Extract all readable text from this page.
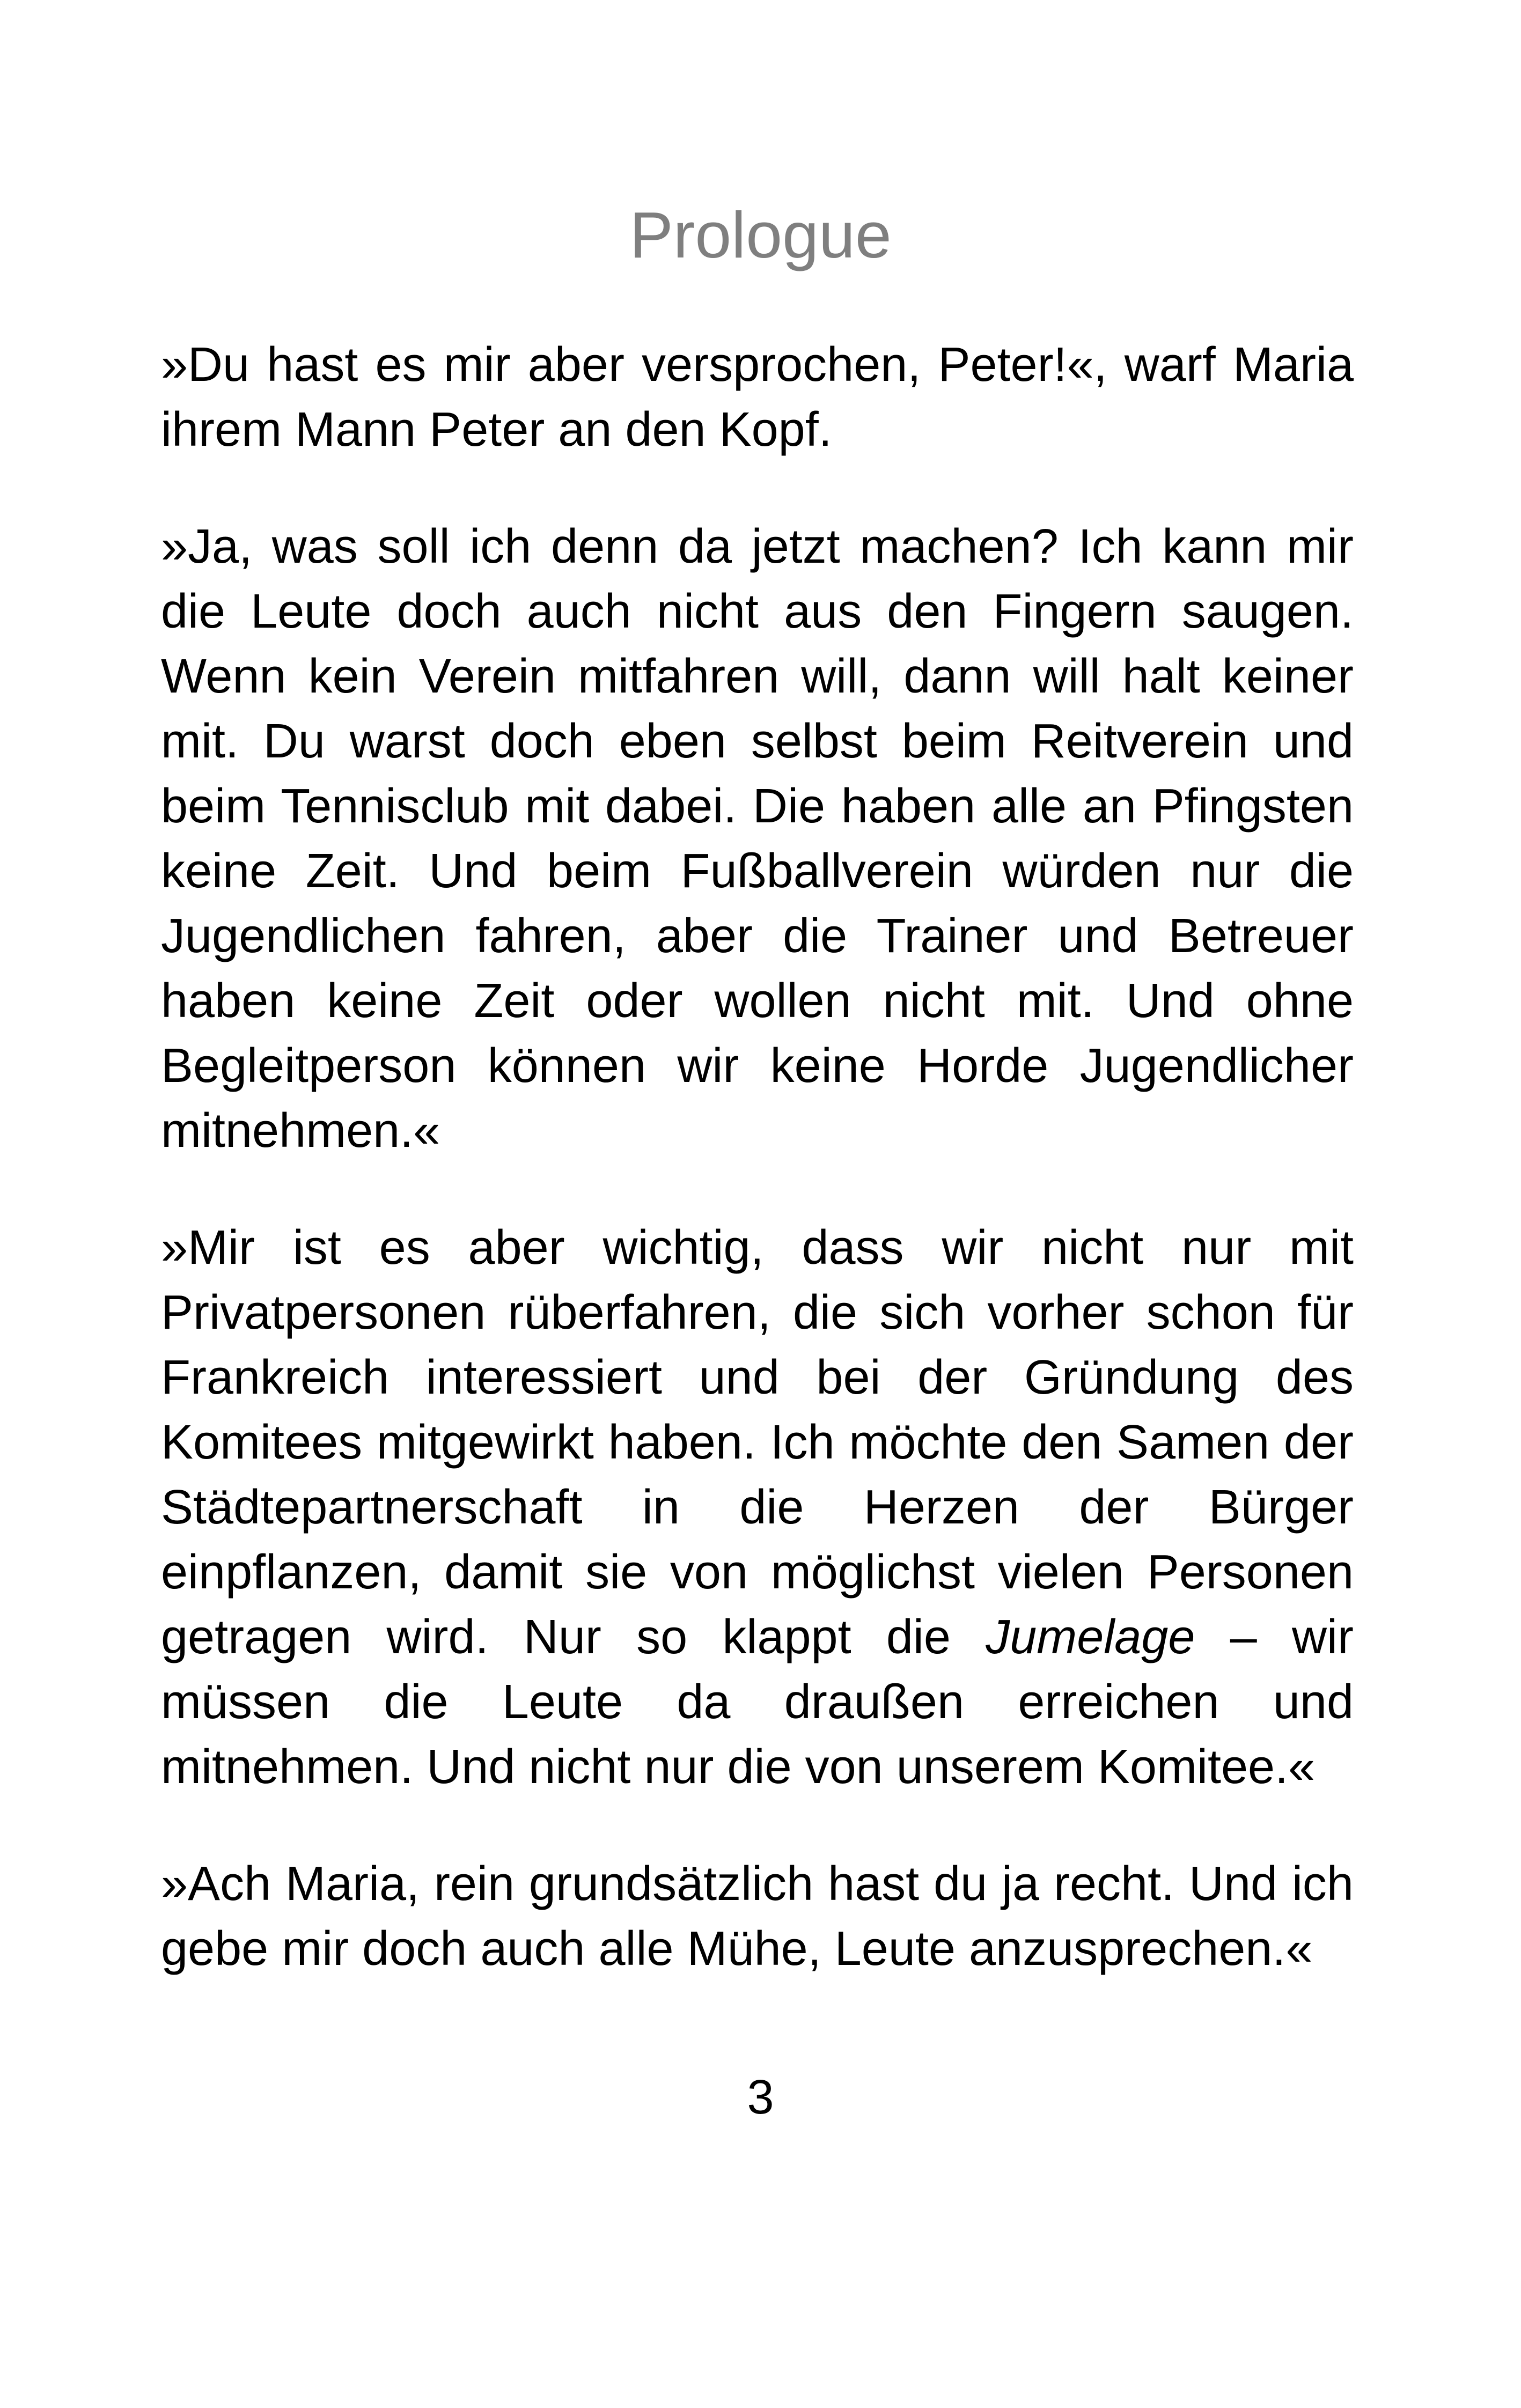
Prologue

»Du hast es mir aber versprochen, Peter!«, warf Maria ihrem Mann Peter an den Kopf.

»Ja, was soll ich denn da jetzt machen? Ich kann mir die Leute doch auch nicht aus den Fingern saugen. Wenn kein Verein mitfahren will, dann will halt keiner mit. Du warst doch eben selbst beim Reitverein und beim Tennisclub mit dabei. Die haben alle an Pfingsten keine Zeit. Und beim Fußballverein würden nur die Jugendlichen fahren, aber die Trainer und Betreuer haben keine Zeit oder wollen nicht mit. Und ohne Begleitperson können wir keine Horde Jugendlicher mitnehmen.«

»Mir ist es aber wichtig, dass wir nicht nur mit Privatpersonen rüberfahren, die sich vorher schon für Frankreich interessiert und bei der Gründung des Komitees mitgewirkt haben. Ich möchte den Samen der Städtepartnerschaft in die Herzen der Bürger einpflanzen, damit sie von möglichst vielen Personen getragen wird. Nur so klappt die Jumelage – wir müssen die Leute da draußen erreichen und mitnehmen. Und nicht nur die von unserem Komitee.«

»Ach Maria, rein grundsätzlich hast du ja recht. Und ich gebe mir doch auch alle Mühe, Leute anzusprechen.«

3
